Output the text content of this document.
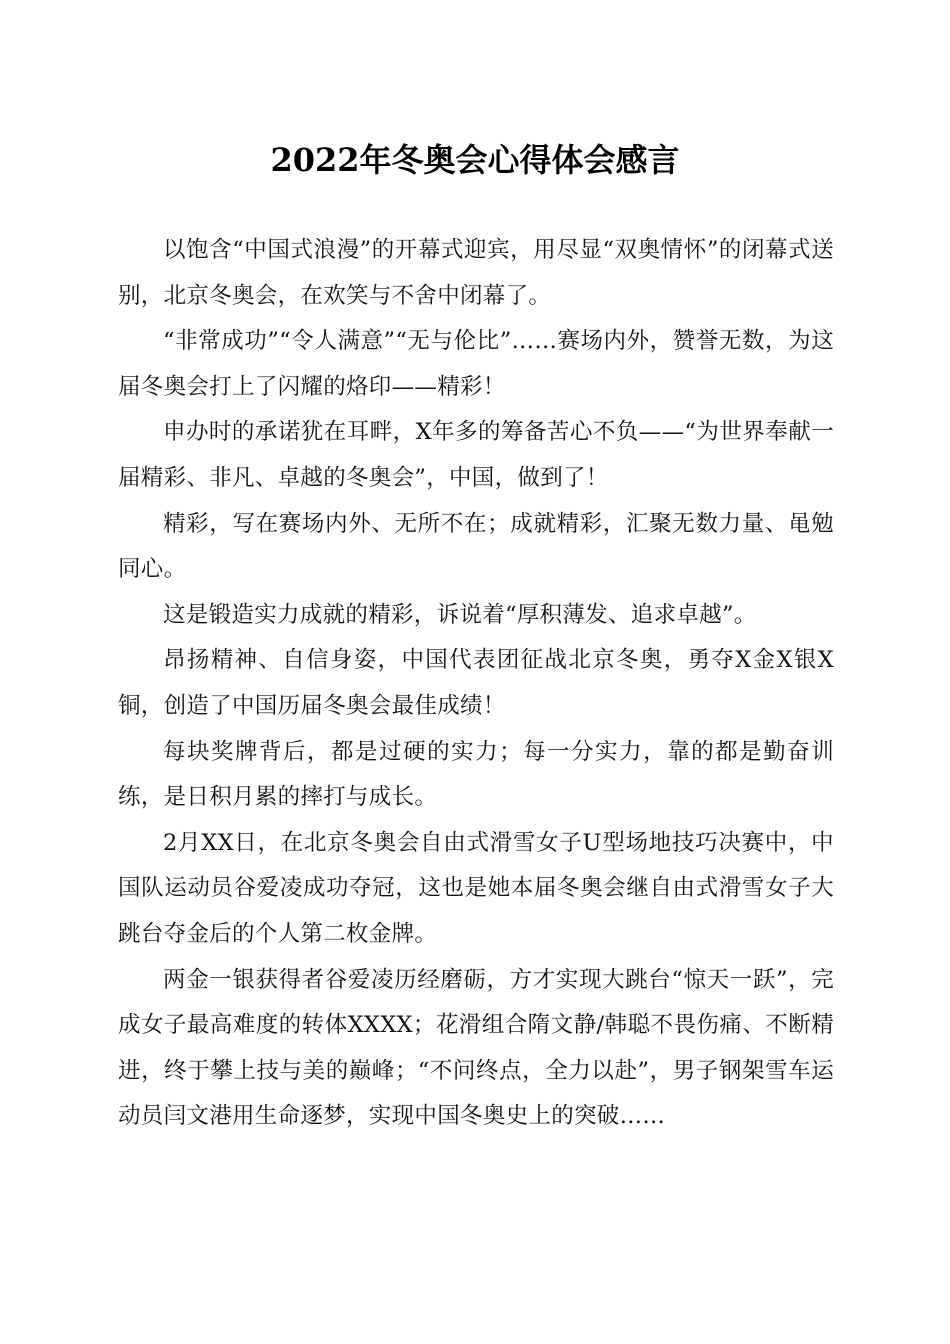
2022年冬奥会心得体会感言

以饱含“中国式浪漫”的开幕式迎宾，用尽显“双奥情怀”的闭幕式送别，北京冬奥会，在欢笑与不舍中闭幕了。

“非常成功”“令人满意”“无与伦比”……赛场内外，赞誉无数，为这届冬奥会打上了闪耀的烙印——精彩！

申办时的承诺犹在耳畔，X年多的筹备苦心不负——“为世界奉献一届精彩、非凡、卓越的冬奥会”，中国，做到了！

精彩，写在赛场内外、无所不在；成就精彩，汇聚无数力量、黾勉同心。

这是锻造实力成就的精彩，诉说着“厚积薄发、追求卓越”。

昂扬精神、自信身姿，中国代表团征战北京冬奥，勇夺X金X银X铜，创造了中国历届冬奥会最佳成绩！

每块奖牌背后，都是过硬的实力；每一分实力，靠的都是勤奋训练，是日积月累的摔打与成长。

2月XX日，在北京冬奥会自由式滑雪女子U型场地技巧决赛中，中国队运动员谷爱凌成功夺冠，这也是她本届冬奥会继自由式滑雪女子大跳台夺金后的个人第二枚金牌。

两金一银获得者谷爱凌历经磨砺，方才实现大跳台“惊天一跃”，完成女子最高难度的转体XXXX；花滑组合隋文静/韩聪不畏伤痛、不断精进，终于攀上技与美的巅峰；“不问终点，全力以赴”，男子钢架雪车运动员闫文港用生命逐梦，实现中国冬奥史上的突破……
